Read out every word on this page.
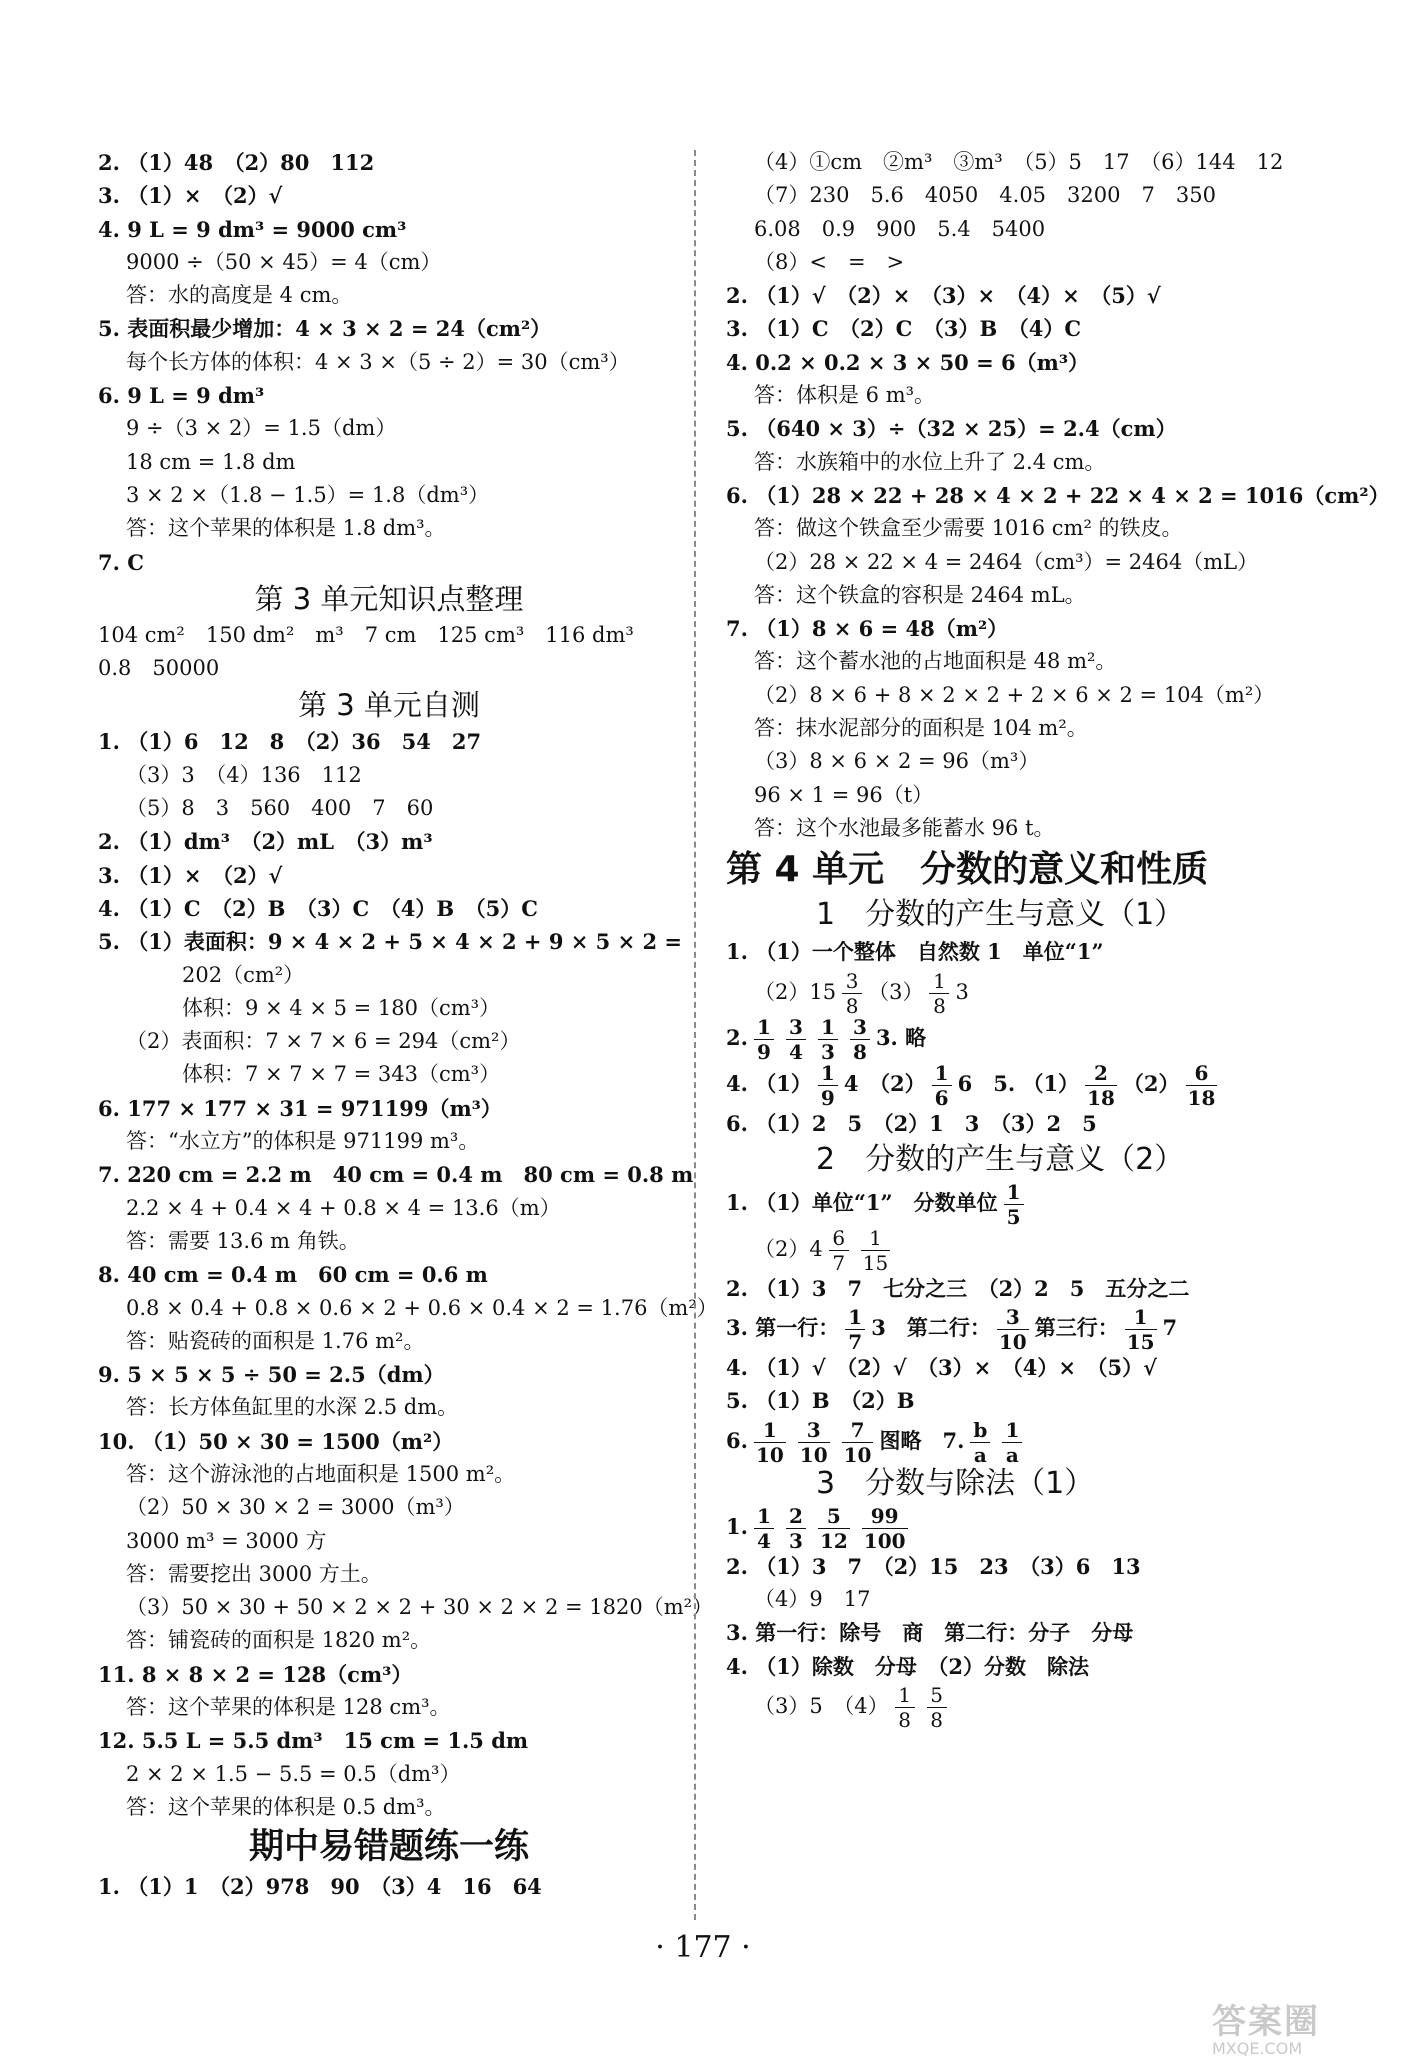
2. （1）48　（2）80　112
3. （1）×　（2）√
4. 9 L = 9 dm³ = 9000 cm³
9000 ÷（50 × 45）= 4（cm）
答：水的高度是 4 cm。
5. 表面积最少增加：4 × 3 × 2 = 24（cm²）
每个长方体的体积：4 × 3 ×（5 ÷ 2）= 30（cm³）
6. 9 L = 9 dm³
9 ÷（3 × 2）= 1.5（dm）
18 cm = 1.8 dm
3 × 2 ×（1.8 − 1.5）= 1.8（dm³）
答：这个苹果的体积是 1.8 dm³。
7. C
第 3 单元知识点整理
104 cm²　150 dm²　m³　7 cm　125 cm³　116 dm³
0.8　50000
第 3 单元自测
1. （1）6　12　8　（2）36　54　27
（3）3　（4）136　112
（5）8　3　560　400　7　60
2. （1）dm³　（2）mL　（3）m³
3. （1）×　（2）√
4. （1）C　（2）B　（3）C　（4）B　（5）C
5. （1）表面积：9 × 4 × 2 + 5 × 4 × 2 + 9 × 5 × 2 =
202（cm²）
体积：9 × 4 × 5 = 180（cm³）
（2）表面积：7 × 7 × 6 = 294（cm²）
体积：7 × 7 × 7 = 343（cm³）
6. 177 × 177 × 31 = 971199（m³）
答：“水立方”的体积是 971199 m³。
7. 220 cm = 2.2 m　40 cm = 0.4 m　80 cm = 0.8 m
2.2 × 4 + 0.4 × 4 + 0.8 × 4 = 13.6（m）
答：需要 13.6 m 角铁。
8. 40 cm = 0.4 m　60 cm = 0.6 m
0.8 × 0.4 + 0.8 × 0.6 × 2 + 0.6 × 0.4 × 2 = 1.76（m²）
答：贴瓷砖的面积是 1.76 m²。
9. 5 × 5 × 5 ÷ 50 = 2.5（dm）
答：长方体鱼缸里的水深 2.5 dm。
10. （1）50 × 30 = 1500（m²）
答：这个游泳池的占地面积是 1500 m²。
（2）50 × 30 × 2 = 3000（m³）
3000 m³ = 3000 方
答：需要挖出 3000 方土。
（3）50 × 30 + 50 × 2 × 2 + 30 × 2 × 2 = 1820（m²）
答：铺瓷砖的面积是 1820 m²。
11. 8 × 8 × 2 = 128（cm³）
答：这个苹果的体积是 128 cm³。
12. 5.5 L = 5.5 dm³　15 cm = 1.5 dm
2 × 2 × 1.5 − 5.5 = 0.5（dm³）
答：这个苹果的体积是 0.5 dm³。
期中易错题练一练
1. （1）1　（2）978　90　（3）4　16　64
（4）①cm　②m³　③m³　（5）5　17　（6）144　12
（7）230　5.6　4050　4.05　3200　7　350
6.08　0.9　900　5.4　5400
（8）<　=　>
2. （1）√　（2）×　（3）×　（4）×　（5）√
3. （1）C　（2）C　（3）B　（4）C
4. 0.2 × 0.2 × 3 × 50 = 6（m³）
答：体积是 6 m³。
5. （640 × 3）÷（32 × 25）= 2.4（cm）
答：水族箱中的水位上升了 2.4 cm。
6. （1）28 × 22 + 28 × 4 × 2 + 22 × 4 × 2 = 1016（cm²）
答：做这个铁盒至少需要 1016 cm² 的铁皮。
（2）28 × 22 × 4 = 2464（cm³）= 2464（mL）
答：这个铁盒的容积是 2464 mL。
7. （1）8 × 6 = 48（m²）
答：这个蓄水池的占地面积是 48 m²。
（2）8 × 6 + 8 × 2 × 2 + 2 × 6 × 2 = 104（m²）
答：抹水泥部分的面积是 104 m²。
（3）8 × 6 × 2 = 96（m³）
96 × 1 = 96（t）
答：这个水池最多能蓄水 96 t。
第 4 单元　分数的意义和性质
1　分数的产生与意义（1）
1. （1）一个整体　自然数 1　单位“1”
$(2)15 \frac{3}{8} (3) \frac{1}{8} 3$
2. $\frac{1}{9} \frac{3}{4} \frac{1}{3} \frac{3}{8} 3$. 略
4. $(1) \frac{1}{9} 4$　$(2) \frac{1}{6} 6$　5. $(1) \frac{2}{18} (2) \frac{6}{18}$
6. （1）2　5　（2）1　3　（3）2　5
2　分数的产生与意义（2）
1. （1）单位“1”　分数单位 $\frac{1}{5}$
$(2)4 \frac{6}{7} \frac{1}{15}$
2. （1）3　7　七分之三　（2）2　5　五分之二
3. 第一行： $\frac{1}{7} 3$　第二行： $\frac{3}{10}$ 第三行： $\frac{1}{15} 7$
4. （1）√　（2）√　（3）×　（4）×　（5）√
5. （1）B　（2）B
6. $\frac{1}{10} \frac{3}{10} \frac{7}{10}$ 图略　7. $\frac{b}{a} \frac{1}{a}$
3　分数与除法（1）
1. $\frac{1}{4} \frac{2}{3} \frac{5}{12} \frac{99}{100}$
2. （1）3　7　（2）15　23　（3）6　13
（4）9　17
3. 第一行：除号　商　第二行：分子　分母
4. （1）除数　分母　（2）分数　除法
（3）5　$(4) \frac{1}{8} \frac{5}{8}$
· 177 ·
答案圈
MXQE.COM
